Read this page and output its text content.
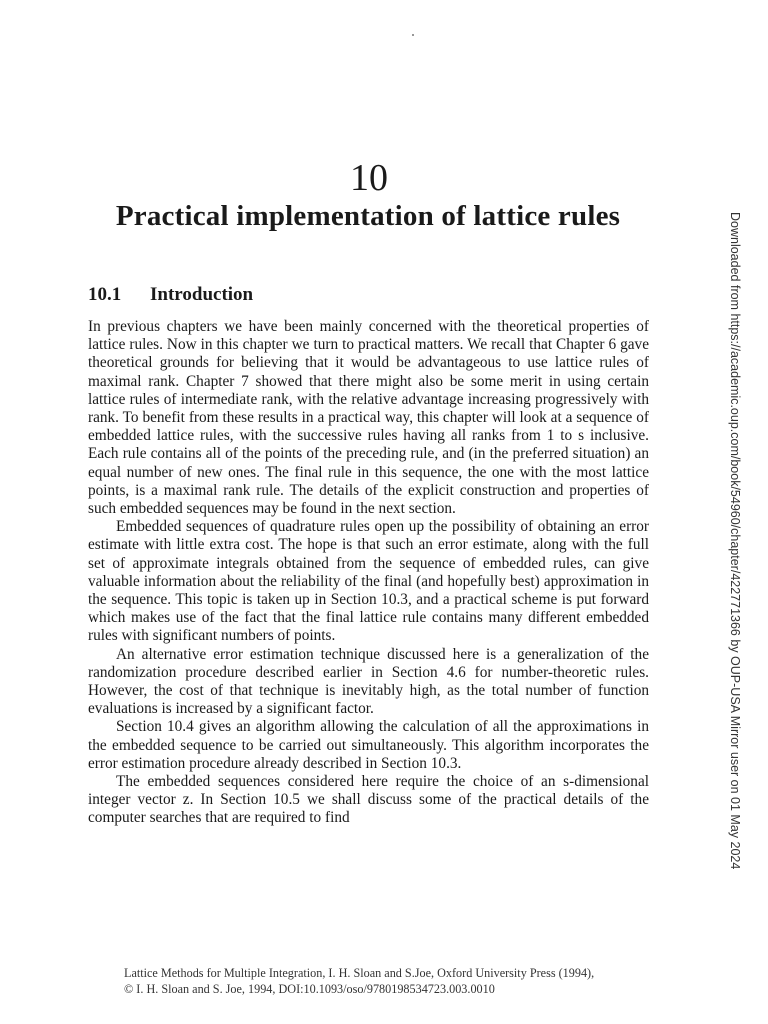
10
Practical implementation of lattice rules
10.1 Introduction

In previous chapters we have been mainly concerned with the theoretical properties of lattice rules. Now in this chapter we turn to practical matters. We recall that Chapter 6 gave theoretical grounds for believing that it would be advantageous to use lattice rules of maximal rank. Chapter 7 showed that there might also be some merit in using certain lattice rules of intermediate rank, with the relative advantage increasing progressively with rank. To benefit from these results in a practical way, this chapter will look at a sequence of embedded lattice rules, with the successive rules having all ranks from 1 to s inclusive. Each rule contains all of the points of the preceding rule, and (in the preferred situation) an equal number of new ones. The final rule in this sequence, the one with the most lattice points, is a maximal rank rule. The details of the explicit construction and properties of such embedded sequences may be found in the next section.

Embedded sequences of quadrature rules open up the possibility of obtaining an error estimate with little extra cost. The hope is that such an error estimate, along with the full set of approximate integrals obtained from the sequence of embedded rules, can give valuable information about the reliability of the final (and hopefully best) approximation in the sequence. This topic is taken up in Section 10.3, and a practical scheme is put forward which makes use of the fact that the final lattice rule contains many different embedded rules with significant numbers of points.

An alternative error estimation technique discussed here is a generalization of the randomization procedure described earlier in Section 4.6 for number-theoretic rules. However, the cost of that technique is inevitably high, as the total number of function evaluations is increased by a significant factor.

Section 10.4 gives an algorithm allowing the calculation of all the approximations in the embedded sequence to be carried out simultaneously. This algorithm incorporates the error estimation procedure already described in Section 10.3.

The embedded sequences considered here require the choice of an s-dimensional integer vector z. In Section 10.5 we shall discuss some of the practical details of the computer searches that are required to find

Lattice Methods for Multiple Integration, I. H. Sloan and S.Joe, Oxford University Press (1994),
© I. H. Sloan and S. Joe, 1994, DOI:10.1093/oso/9780198534723.003.0010
Downloaded from https://academic.oup.com/book/54960/chapter/422771366 by OUP-USA Mirror user on 01 May 2024
